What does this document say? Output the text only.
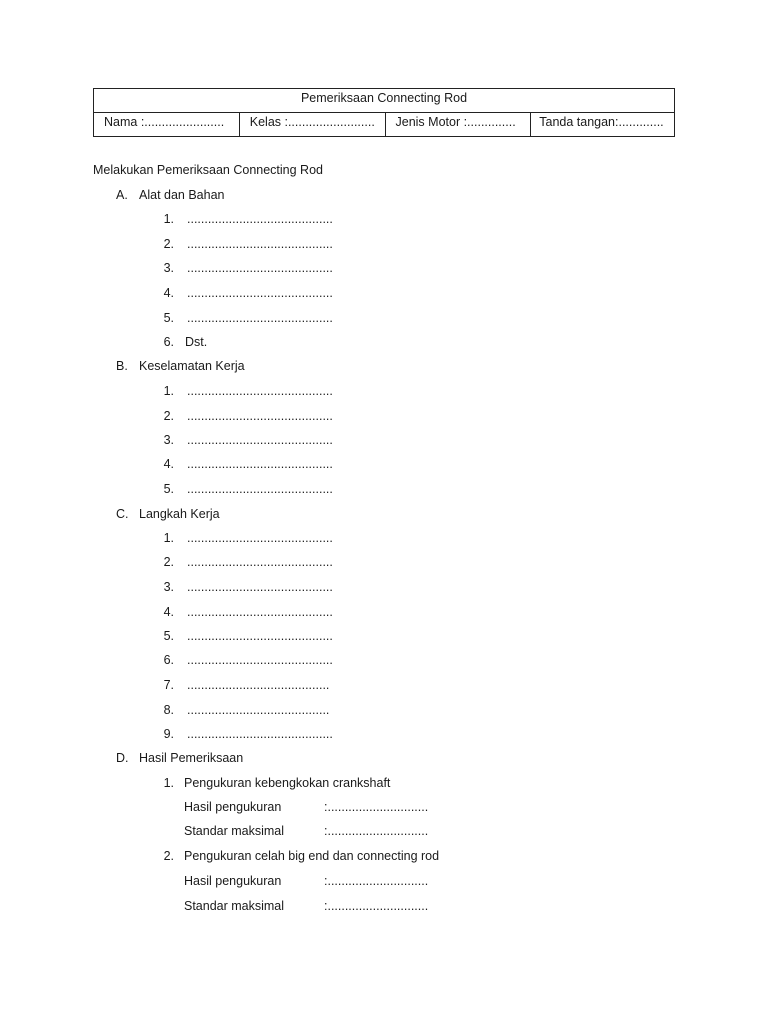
Pemeriksaan Connecting Rod
Nama :.......................	Kelas :.........................	Jenis Motor :..............	Tanda tangan:.............
Melakukan Pemeriksaan Connecting Rod
A. Alat dan Bahan
1. ..........................................
2. ..........................................
3. ..........................................
4. ..........................................
5. ..........................................
6. Dst.
B. Keselamatan Kerja
1. ..........................................
2. ..........................................
3. ..........................................
4. ..........................................
5. ..........................................
C. Langkah Kerja
1. ..........................................
2. ..........................................
3. ..........................................
4. ..........................................
5. ..........................................
6. ..........................................
7. .........................................
8. .........................................
9. ..........................................
D. Hasil Pemeriksaan
1. Pengukuran kebengkokan crankshaft
Hasil pengukuran	:.............................
Standar maksimal	:.............................
2. Pengukuran celah big end dan connecting rod
Hasil pengukuran	:.............................
Standar maksimal	:.............................
